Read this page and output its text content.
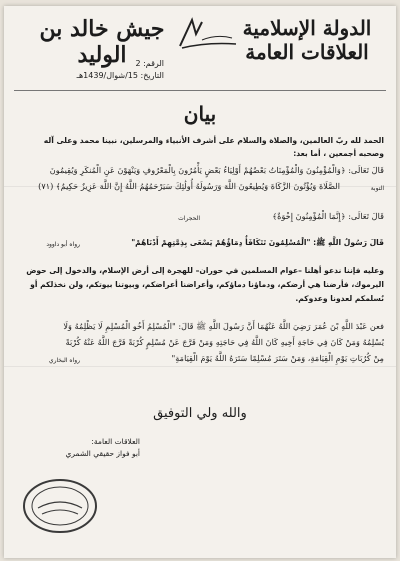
الدولة الإسلامية
العلاقات العامة
جيش خالد بن الوليد	الرقم: 2
التاريخ: 15/شوال/1439هـ
بيان
الحمد لله ربّ العالمين، والصلاة والسلام على أشرف الأنبياء والمرسلين، نبينا محمد وعلى آله وصحبه أجمعين ، أما بعد:
قَالَ تَعَالَى: ﴿وَالْمُؤْمِنُونَ وَالْمُؤْمِنَاتُ بَعْضُهُمْ أَوْلِيَاءُ بَعْضٍ يَأْمُرُونَ بِالْمَعْرُوفِ وَيَنْهَوْنَ عَنِ الْمُنكَرِ وَيُقِيمُونَ
الصَّلَاةَ وَيُؤْتُونَ الزَّكَاةَ وَيُطِيعُونَ اللَّهَ وَرَسُولَهُ أُولَٰئِكَ سَيَرْحَمُهُمُ اللَّهُ إِنَّ اللَّهَ عَزِيزٌ حَكِيمٌ﴾ (٧١)	التوبة
قَالَ تَعَالَى: ﴿إِنَّمَا الْمُؤْمِنُونَ إِخْوَةٌ﴾
الحجرات
قَالَ رَسُولُ اللَّهِ ﷺ: "الْمُسْلِمُونَ تَتَكَافَأُ دِمَاؤُهُمْ يَسْعَى بِذِمَّتِهِمْ أَدْنَاهُمْ"
رواه أبو داوود
وعليه فإننا ندعو أهلنا –عوام المسلمين في حوران– للهجرة إلى أرض الإسلام، والدخول إلى حوض
اليرموك، فأرضنا هي أرضكم، ودماؤنا دماؤكم، وأعراضنا أعراضكم، وبيوتنا بيوتكم، ولن نخذلكم أو
نُسلمكم لعدونا وعدوكم.
فعن عَبْدَ اللَّهِ بْنَ عُمَرَ رَضِيَ اللَّهُ عَنْهُمَا أَنَّ رَسُولَ اللَّهِ ﷺ قَالَ: "الْمُسْلِمُ أَخُو الْمُسْلِمِ لَا يَظْلِمُهُ وَلَا
يُسْلِمُهُ وَمَنْ كَانَ فِي حَاجَةِ أَخِيهِ كَانَ اللَّهُ فِي حَاجَتِهِ وَمَنْ فَرَّجَ عَنْ مُسْلِمٍ كُرْبَةً فَرَّجَ اللَّهُ عَنْهُ كُرْبَةً
مِنْ كُرُبَاتِ يَوْمِ الْقِيَامَةِ، وَمَنْ سَتَرَ مُسْلِمًا سَتَرَهُ اللَّهُ يَوْمَ الْقِيَامَةِ"
رواه البخاري
والله ولي التوفيق
العلاقات العامة:
أبو فواز حقيقي الشمري
